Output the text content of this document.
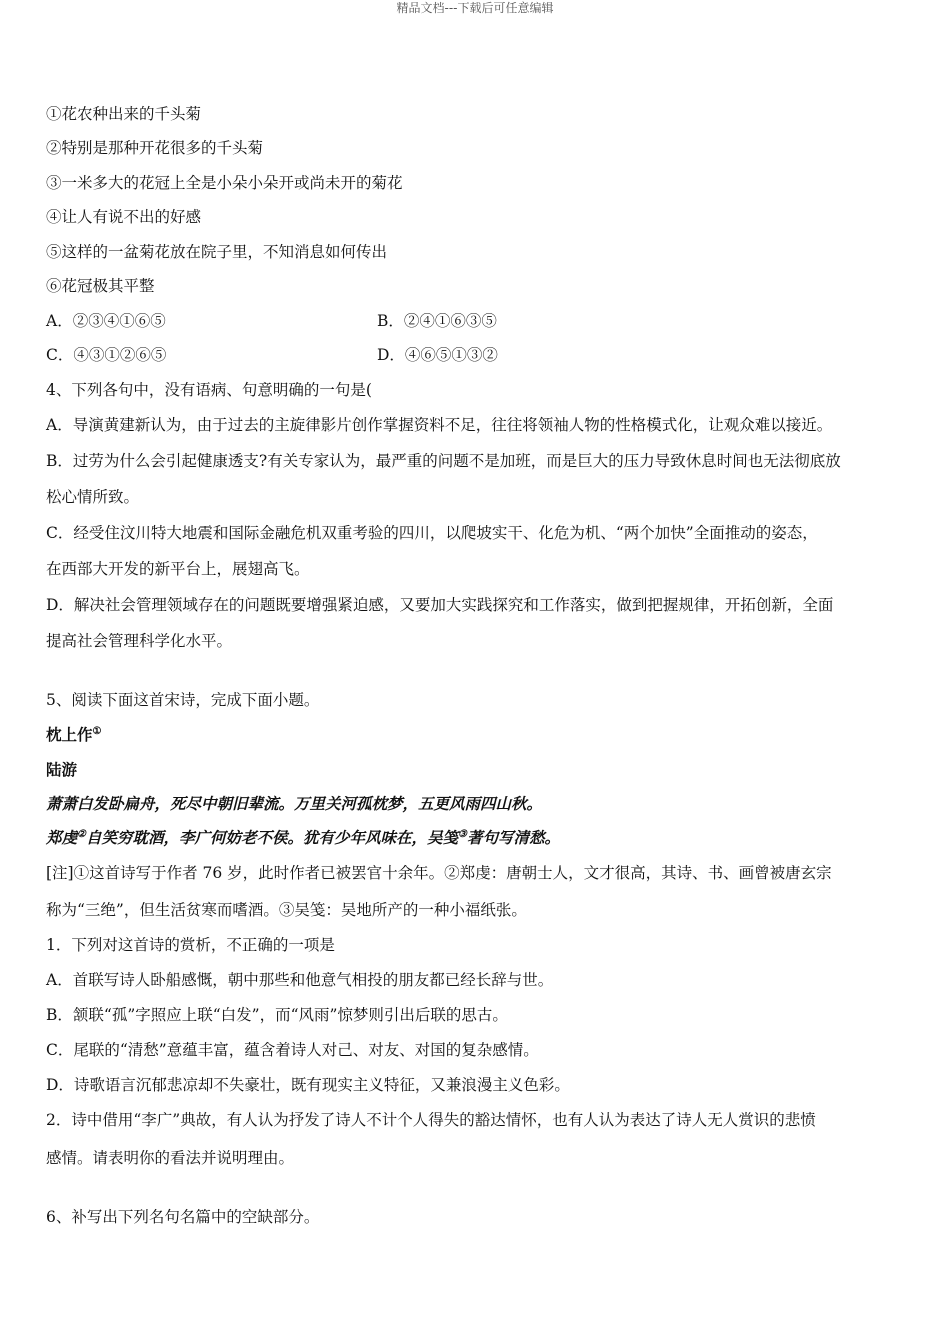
精品文档---下载后可任意编辑
①花农种出来的千头菊
②特别是那种开花很多的千头菊
③一米多大的花冠上全是小朵小朵开或尚未开的菊花
④让人有说不出的好感
⑤这样的一盆菊花放在院子里，不知消息如何传出
⑥花冠极其平整
A．②③④①⑥⑤	B．②④①⑥③⑤
C．④③①②⑥⑤	D．④⑥⑤①③②
4、下列各句中，没有语病、句意明确的一句是(
A．导演黄建新认为，由于过去的主旋律影片创作掌握资料不足，往往将领袖人物的性格模式化，让观众难以接近。
B．过劳为什么会引起健康透支?有关专家认为，最严重的问题不是加班，而是巨大的压力导致休息时间也无法彻底放
松心情所致。
C．经受住汶川特大地震和国际金融危机双重考验的四川，以爬坡实干、化危为机、“两个加快”全面推动的姿态，
在西部大开发的新平台上，展翅高飞。
D．解决社会管理领域存在的问题既要增强紧迫感，又要加大实践探究和工作落实，做到把握规律，开拓创新，全面
提高社会管理科学化水平。
5、阅读下面这首宋诗，完成下面小题。
枕上作①
陆游
萧萧白发卧扁舟，死尽中朝旧辈流。万里关河孤枕梦，五更风雨四山秋。
郑虔②自笑穷耽酒，李广何妨老不侯。犹有少年风味在，吴笺③著句写清愁。
[注]①这首诗写于作者 76 岁，此时作者已被罢官十余年。②郑虔：唐朝士人，文才很高，其诗、书、画曾被唐玄宗
称为“三绝”，但生活贫寒而嗜酒。③吴笺：吴地所产的一种小福纸张。
1．下列对这首诗的赏析，不正确的一项是
A．首联写诗人卧船感慨，朝中那些和他意气相投的朋友都已经长辞与世。
B．颔联“孤”字照应上联“白发”，而“风雨”惊梦则引出后联的思古。
C．尾联的“清愁”意蕴丰富，蕴含着诗人对己、对友、对国的复杂感情。
D．诗歌语言沉郁悲凉却不失豪壮，既有现实主义特征，又兼浪漫主义色彩。
2．诗中借用“李广”典故，有人认为抒发了诗人不计个人得失的豁达情怀，也有人认为表达了诗人无人赏识的悲愤
感情。请表明你的看法并说明理由。
6、补写出下列名句名篇中的空缺部分。
